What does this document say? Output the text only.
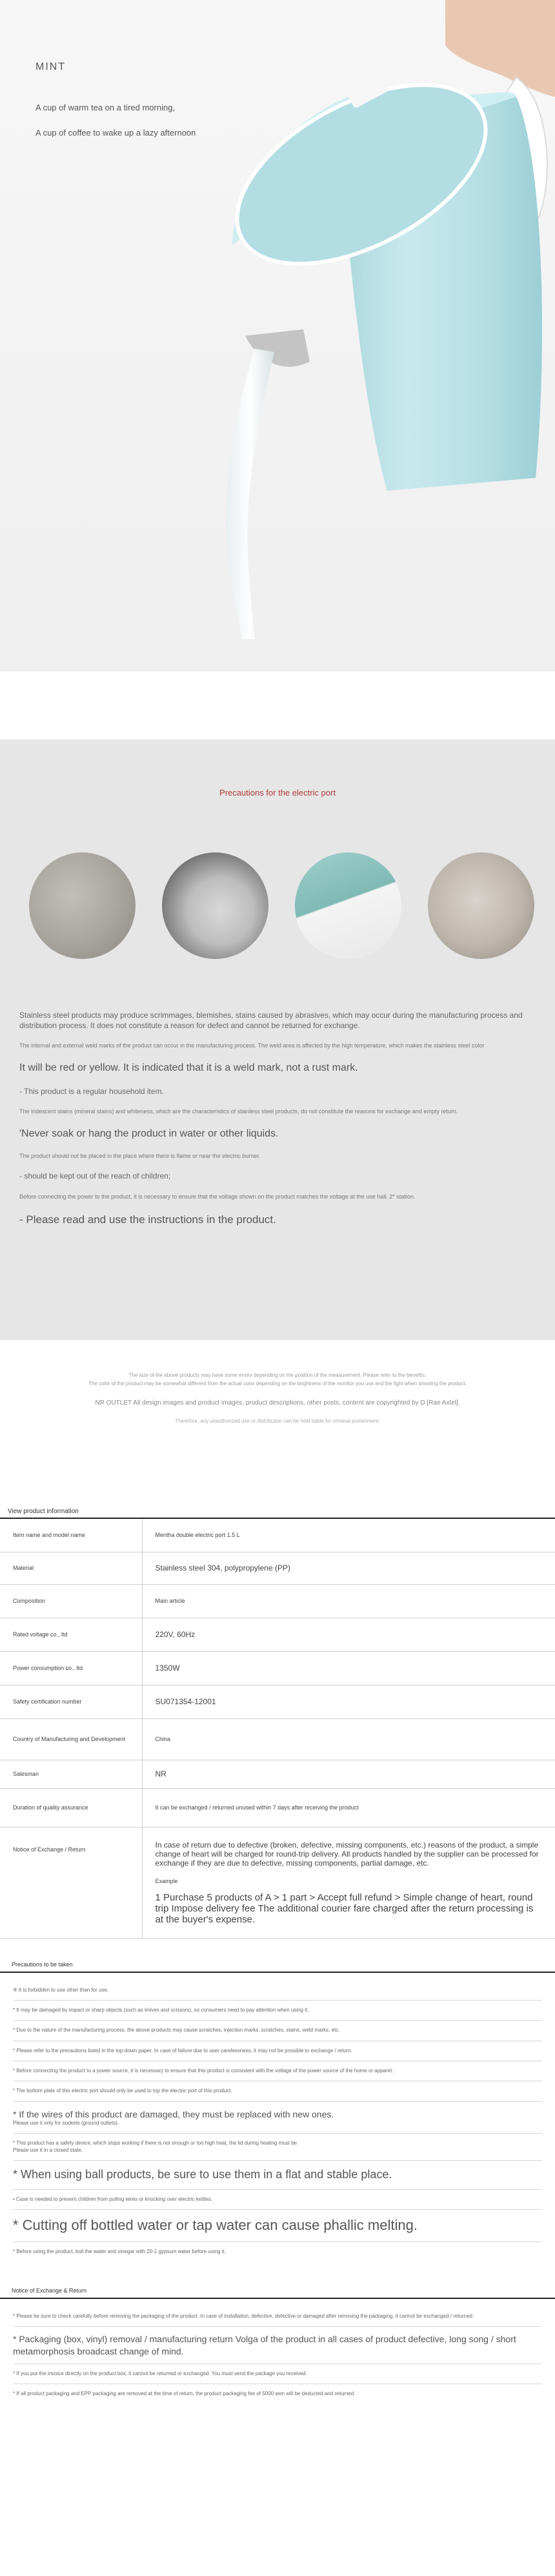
MINT
A cup of warm tea on a tired morning,
A cup of coffee to wake up a lazy afternoon
Precautions for the electric port
Stainless steel products may produce scrimmages, blemishes, stains caused by abrasives, which may occur during the manufacturing process and distribution process. It does not constitute a reason for defect and cannot be returned for exchange.
The internal and external weld marks of the product can occur in the manufacturing process. The weld area is affected by the high temperature, which makes the stainless steel color
It will be red or yellow. It is indicated that it is a weld mark, not a rust mark.
- This product is a regular household item.
The iridescent stains (mineral stains) and whiteness, which are the characteristics of stainless steel products, do not constitute the reasons for exchange and empty return.
'Never soak or hang the product in water or other liquids.
The product should not be placed in the place where there is flame or near the electric burner.
- should be kept out of the reach of children;
Before connecting the power to the product, it is necessary to ensure that the voltage shown on the product matches the voltage at the use hall. 2* station.
- Please read and use the instructions in the product.
The size of the above products may have some errors depending on the position of the measurement. Please refer to the benefits.
The color of the product may be somewhat different from the actual color depending on the brightness of the monitor you use and the light when shooting the product.
NR OUTLET All design images and product images, product descriptions, other posts, content are copyrighted by D [Rae Axtel].
Therefore, any unauthorized use or distribution can be held liable for criminal punishment.
View product information
Item name and model name	Mentha double electric port 1.5 L
Material	Stainless steel 304, polypropylene (PP)
Composition	Main article
Rated voltage co., ltd	220V, 60Hz
Power consumption co., ltd	1350W
Safety certification number	SU071354-12001
Country of Manufacturing and Development	China
Salesman	NR
Duration of quality assurance	It can be exchanged / returned unused within 7 days after receiving the product
Notice of Exchange / Return	In case of return due to defective (broken, defective, missing components, etc.) reasons of the product, a simple change of heart will be charged for round-trip delivery. All products handled by the supplier can be processed for exchange if they are due to defective, missing components, partial damage, etc.
	Example
	1 Purchase 5 products of A > 1 part > Accept full refund > Simple change of heart, round trip Impose delivery fee The additional courier fare charged after the return processing is at the buyer's expense.
Precautions to be taken
※ It is forbidden to use other than for use.
* It may be damaged by impact or sharp objects (such as knives and scissors), so consumers need to pay attention when using it.
* Due to the nature of the manufacturing process, the above products may cause scratches, injection marks, scratches, stains, weld marks, etc.
* Please refer to the precautions listed in the top-down paper. In case of failure due to user carelessness, it may not be possible to exchange / return.
* Before connecting the product to a power source, it is necessary to ensure that this product is consistent with the voltage of the power source of the home or apparel.
* The bottom plate of this electric port should only be used to top the electric port of this product.
* If the wires of this product are damaged, they must be replaced with new ones.
Please use it only for sockets (ground outlets).
* This product has a safety device, which stops working if there is not enough or too high heat, the lid during heating must be
Please use it in a closed state.
* When using ball products, be sure to use them in a flat and stable place.
• Case is needed to prevent children from pulling wires or knocking over electric kettles.
* Cutting off bottled water or tap water can cause phallic melting.
* Before using the product, boil the water and vinegar with 20-1 gypsum water before using it.
Notice of Exchange & Return
* Please be sure to check carefully before removing the packaging of the product. In case of installation, defective, defective or damaged after removing the packaging, it cannot be exchanged / returned.
* Packaging (box, vinyl) removal / manufacturing return Volga of the product in all cases of product defective, long song / short metamorphosis broadcast change of mind.
* If you put the invoice directly on the product box, it cannot be returned or exchanged. You must send the package you received.
* If all product packaging and EPP packaging are removed at the time of return, the product packaging fee of 5000 won will be deducted and returned.
